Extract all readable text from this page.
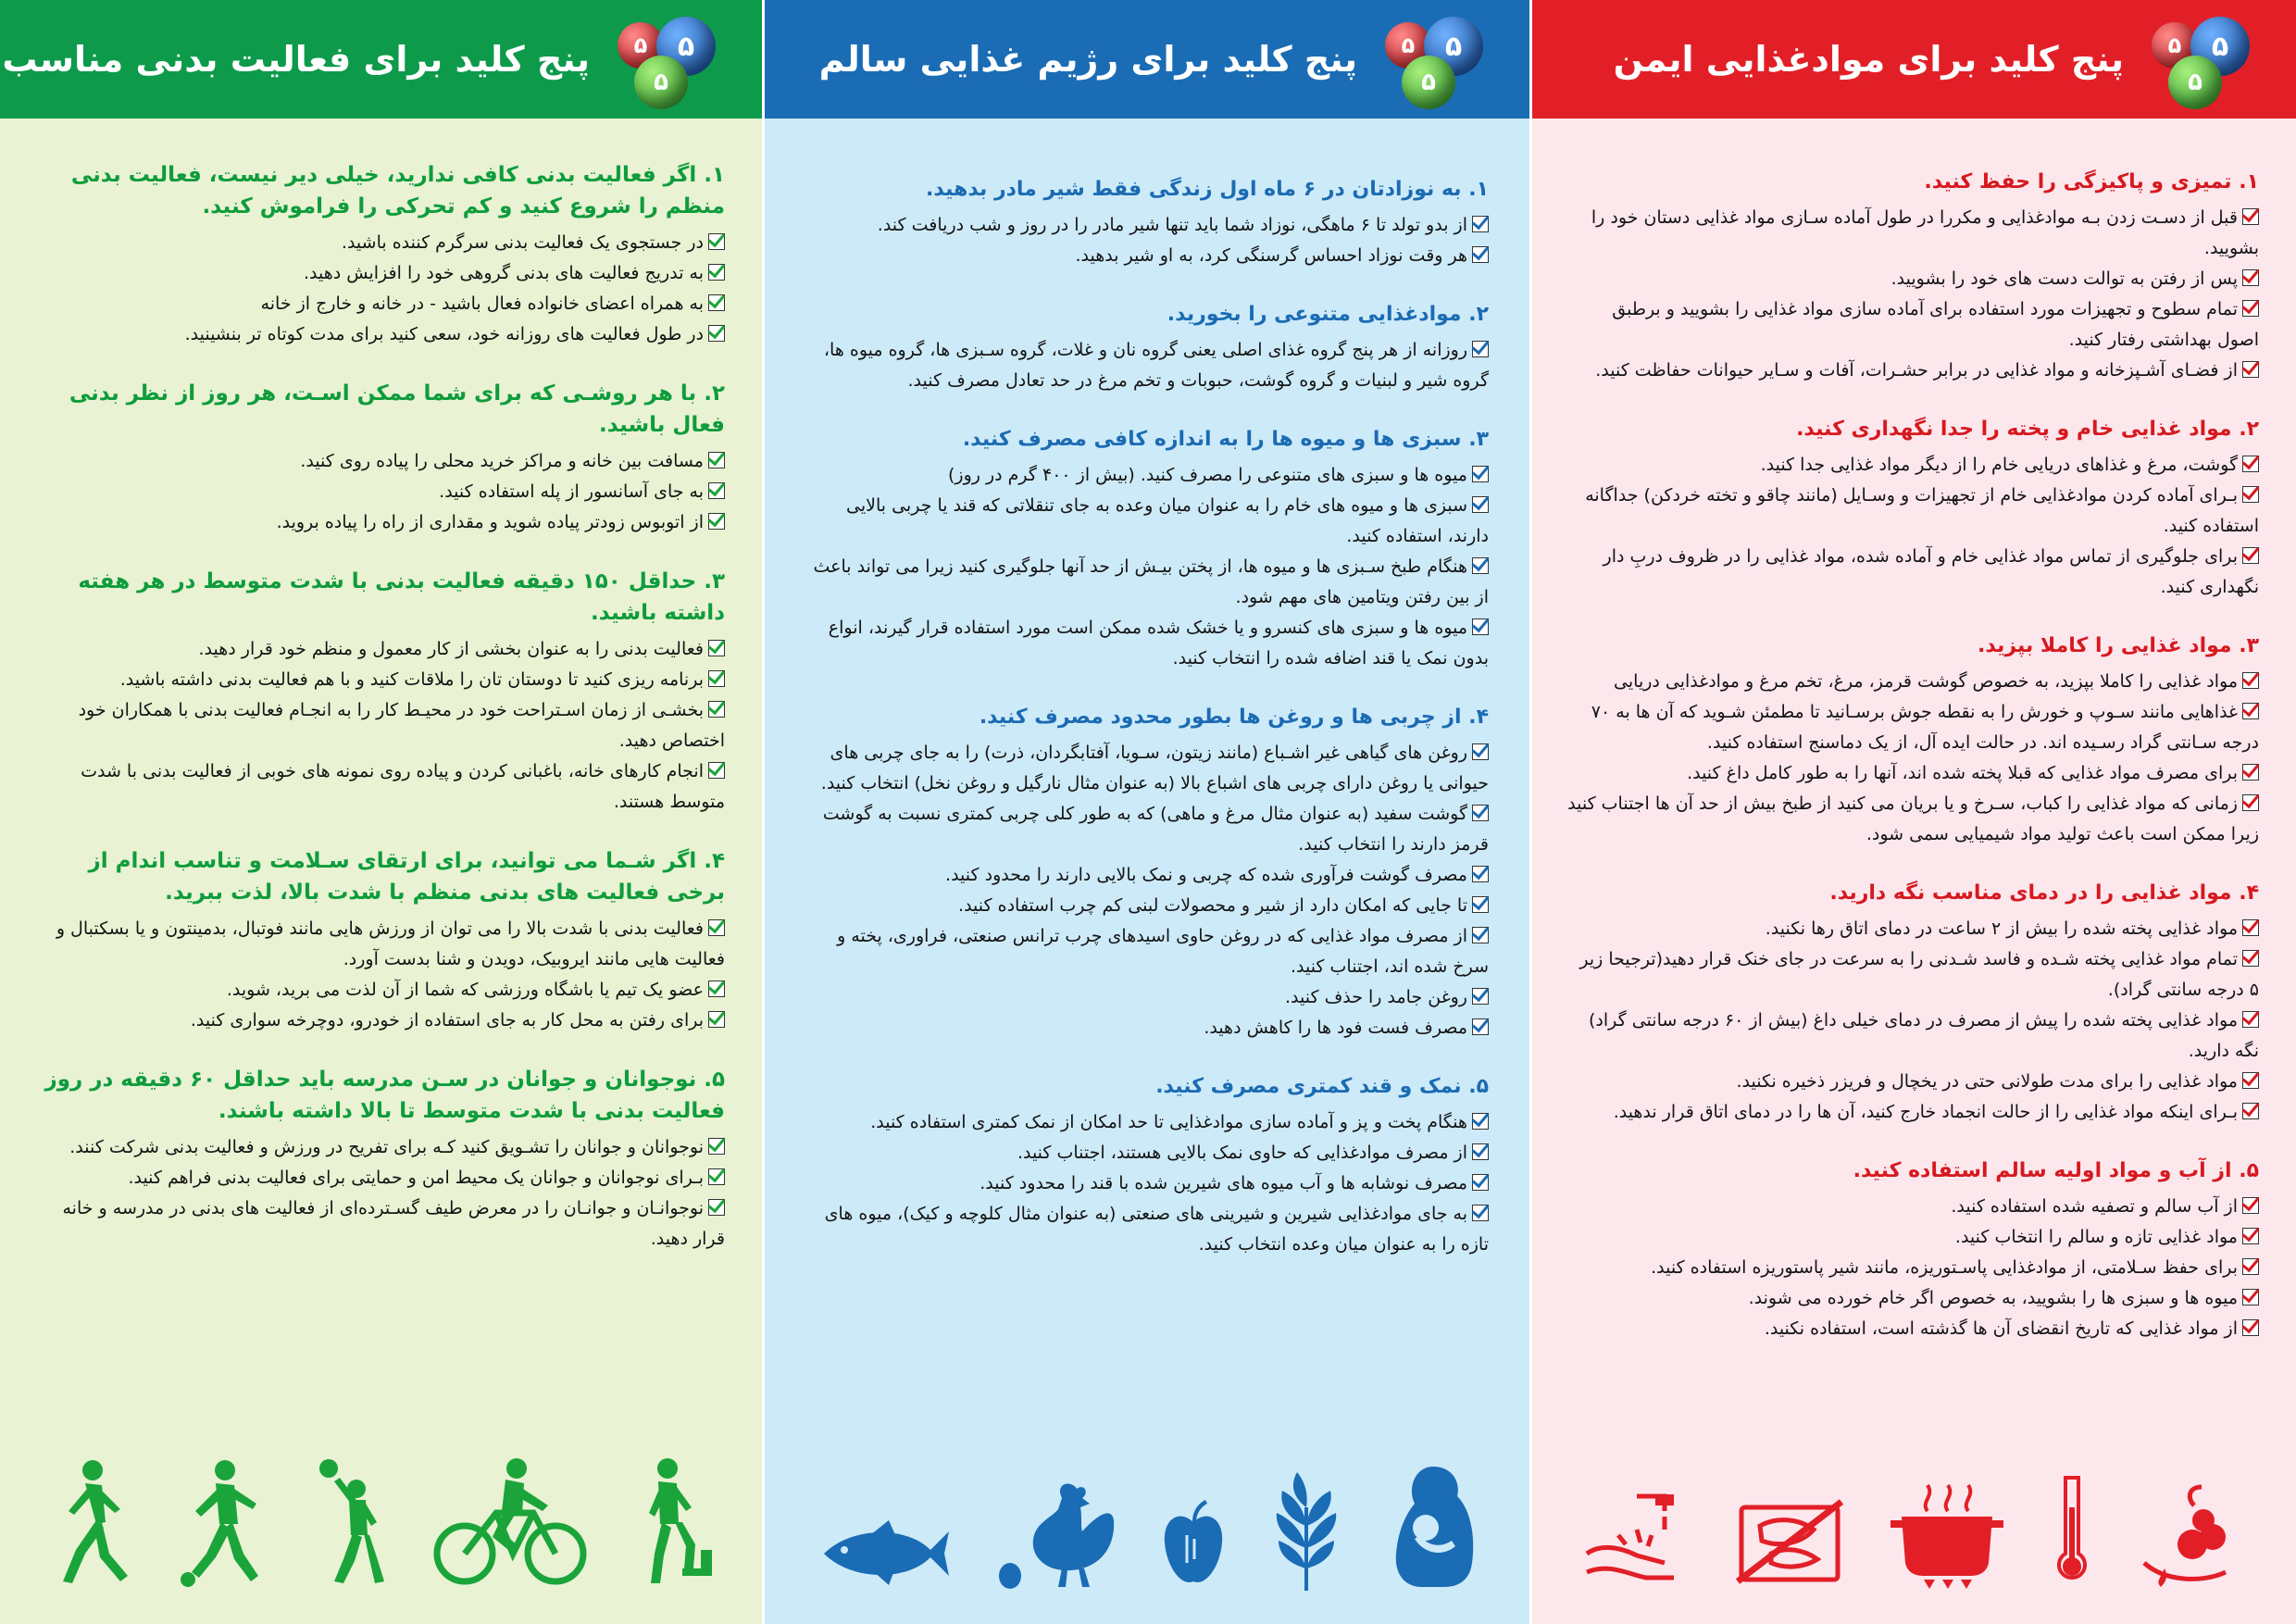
پنج کلید برای فعالیت بدنی مناسب	۵	۵
۵
۱. اگر فعالیت بدنی کافی ندارید، خیلی دیر نیست، فعالیت بدنی منظم را شروع کنید و کم تحرکی را فراموش کنید.
در جستجوی یک فعالیت بدنی سرگرم کننده باشید.
به تدریج فعالیت های بدنی گروهی خود را افزایش دهید.
به همراه اعضای خانواده فعال باشید - در خانه و خارج از خانه
در طول فعالیت های روزانه خود، سعی کنید برای مدت کوتاه تر بنشینید.
۲. با هر روشـی که برای شما ممکن اسـت، هر روز از نظر بدنی فعال باشید.
مسافت بین خانه و مراکز خرید محلی را پیاده روی کنید.
به جای آسانسور از پله استفاده کنید.
از اتوبوس زودتر پیاده شوید و مقداری از راه را پیاده بروید.
۳. حداقل ۱۵۰ دقیقه فعالیت بدنی با شدت متوسط در هر هفته داشته باشید.
فعالیت بدنی را به عنوان بخشی از کار معمول و منظم خود قرار دهید.
برنامه ریزی کنید تا دوستان تان را ملاقات کنید و با هم فعالیت بدنی داشته باشید.
بخشـی از زمان اسـتراحت خود در محیـط کار را به انجـام فعالیت بدنی با همکاران خود اختصاص دهید.
انجام کارهای خانه، باغبانی کردن و پیاده روی نمونه های خوبی از فعالیت بدنی با شدت متوسط هستند.
۴. اگر شـما می توانید، برای ارتقای سـلامت و تناسب اندام از برخی فعالیت های بدنی منظم با شدت بالا، لذت ببرید.
فعالیت بدنی با شدت بالا را می توان از ورزش هایی مانند فوتبال، بدمینتون و یا بسکتبال و فعالیت هایی مانند ایروبیک، دویدن و شنا بدست آورد.
عضو یک تیم یا باشگاه ورزشی که شما از آن لذت می برید، شوید.
برای رفتن به محل کار به جای استفاده از خودرو، دوچرخه سواری کنید.
۵. نوجوانان و جوانان در سـن مدرسه باید حداقل ۶۰ دقیقه در روز فعالیت بدنی با شدت متوسط تا بالا داشته باشند.
نوجوانان و جوانان را تشـویق کنید کـه برای تفریح در ورزش و فعالیت بدنی شرکت کنند.
بـرای نوجوانان و جوانان یک محیط امن و حمایتی برای فعالیت بدنی فراهم کنید.
نوجوانـان و جوانـان را در معرض طیف گسـترده‌ای از فعالیت های بدنی در مدرسه و خانه قرار دهید.
پنج کلید برای رژیم غذایی سالم	۵	۵
۵
۱. به نوزادتان در ۶ ماه اول زندگی فقط شیر مادر بدهید.
از بدو تولد تا ۶ ماهگی، نوزاد شما باید تنها شیر مادر را در روز و شب دریافت کند.
هر وقت نوزاد احساس گرسنگی کرد، به او شیر بدهید.
۲. موادغذایی متنوعی را بخورید.
روزانه از هر پنج گروه غذای اصلی یعنی گروه نان و غلات، گروه سـبزی ها، گروه میوه ها، گروه شیر و لبنیات و گروه گوشت، حبوبات و تخم مرغ در حد تعادل مصرف کنید.
۳. سبزی ها و میوه ها را به اندازه کافی مصرف کنید.
میوه ها و سبزی های متنوعی را مصرف کنید. (بیش از ۴۰۰ گرم در روز)
سبزی ها و میوه های خام را به عنوان میان وعده به جای تنقلاتی که قند یا چربی بالایی دارند، استفاده کنید.
هنگام طبخ سـبزی ها و میوه ها، از پختن بیـش از حد آنها جلوگیری کنید زیرا می تواند باعث از بین رفتن ویتامین های مهم شود.
میوه ها و سبزی های کنسرو و یا خشک شده ممکن است مورد استفاده قرار گیرند، انواع بدون نمک یا قند اضافه شده را انتخاب کنید.
۴. از چربی ها و روغن ها بطور محدود مصرف کنید.
روغن های گیاهی غیر اشـباع (مانند زیتون، سـویا، آفتابگردان، ذرت) را به جای چربی های حیوانی یا روغن دارای چربی های اشباع بالا (به عنوان مثال نارگیل و روغن نخل) انتخاب کنید.
گوشت سفید (به عنوان مثال مرغ و ماهی) که به طور کلی چربی کمتری نسبت به گوشت قرمز دارند را انتخاب کنید.
مصرف گوشت فرآوری شده که چربی و نمک بالایی دارند را محدود کنید.
تا جایی که امکان دارد از شیر و محصولات لبنی کم چرب استفاده کنید.
از مصرف مواد غذایی که در روغن حاوی اسیدهای چرب ترانس صنعتی، فراوری، پخته و سرخ شده اند، اجتناب کنید.
روغن جامد را حذف کنید.
مصرف فست فود ها را کاهش دهید.
۵. نمک و قند کمتری مصرف کنید.
هنگام پخت و پز و آماده سازی موادغذایی تا حد امکان از نمک کمتری استفاده کنید.
از مصرف موادغذایی که حاوی نمک بالایی هستند، اجتناب کنید.
مصرف نوشابه ها و آب میوه های شیرین شده با قند را محدود کنید.
به جای موادغذایی شیرین و شیرینی های صنعتی (به عنوان مثال کلوچه و کیک)، میوه های تازه را به عنوان میان وعده انتخاب کنید.
پنج کلید برای موادغذایی ایمن	۵	۵
۵
۱. تمیزی و پاکیزگی را حفظ کنید.
قبل از دسـت زدن بـه موادغذایی و مکررا در طول آماده سـازی مواد غذایی دستان خود را بشویید.
پس از رفتن به توالت دست های خود را بشویید.
تمام سطوح و تجهیزات مورد استفاده برای آماده سازی مواد غذایی را بشویید و برطبق اصول بهداشتی رفتار کنید.
از فضـای آشـپزخانه و مواد غذایی در برابر حشـرات، آفات و سـایر حیوانات حفاظت کنید.
۲. مواد غذایی خام و پخته را جدا نگهداری کنید.
گوشت، مرغ و غذاهای دریایی خام را از دیگر مواد غذایی جدا کنید.
بـرای آماده کردن موادغذایی خام از تجهیزات و وسـایل (مانند چاقو و تخته خردکن) جداگانه استفاده کنید.
برای جلوگیری از تماس مواد غذایی خام و آماده شده، مواد غذایی را در ظروف دربِ دار نگهداری کنید.
۳. مواد غذایی را کاملا بپزید.
مواد غذایی را کاملا بپزید، به خصوص گوشت قرمز، مرغ، تخم مرغ و موادغذایی دریایی
غذاهایی مانند سـوپ و خورش را به نقطه جوش برسـانید تا مطمئن شـوید که آن ها به ۷۰ درجه سـانتی گراد رسـیده اند. در حالت ایده آل، از یک دماسنج استفاده کنید.
برای مصرف مواد غذایی که قبلا پخته شده اند، آنها را به طور کامل داغ کنید.
زمانی که مواد غذایی را کباب، سـرخ و یا بریان می کنید از طبخ بیش از حد آن ها اجتناب کنید زیرا ممکن است باعث تولید مواد شیمیایی سمی شود.
۴. مواد غذایی را در دمای مناسب نگه دارید.
مواد غذایی پخته شده را بیش از ۲ ساعت در دمای اتاق رها نکنید.
تمام مواد غذایی پخته شـده و فاسد شـدنی را به سرعت در جای خنک قرار دهید(ترجیحا زیر ۵ درجه سانتی گراد).
مواد غذایی پخته شده را پیش از مصرف در دمای خیلی داغ (بیش از ۶۰ درجه سانتی گراد) نگه دارید.
مواد غذایی را برای مدت طولانی حتی در یخچال و فریزر ذخیره نکنید.
بـرای اینکه مواد غذایی را از حالت انجماد خارج کنید، آن ها را در دمای اتاق قرار ندهید.
۵. از آب و مواد اولیه سالم استفاده کنید.
از آب سالم و تصفیه شده استفاده کنید.
مواد غذایی تازه و سالم را انتخاب کنید.
برای حفظ سـلامتی، از موادغذایی پاسـتوریزه، مانند شیر پاستوریزه استفاده کنید.
میوه ها و سبزی ها را بشویید، به خصوص اگر خام خورده می شوند.
از مواد غذایی که تاریخ انقضای آن ها گذشته است، استفاده نکنید.
